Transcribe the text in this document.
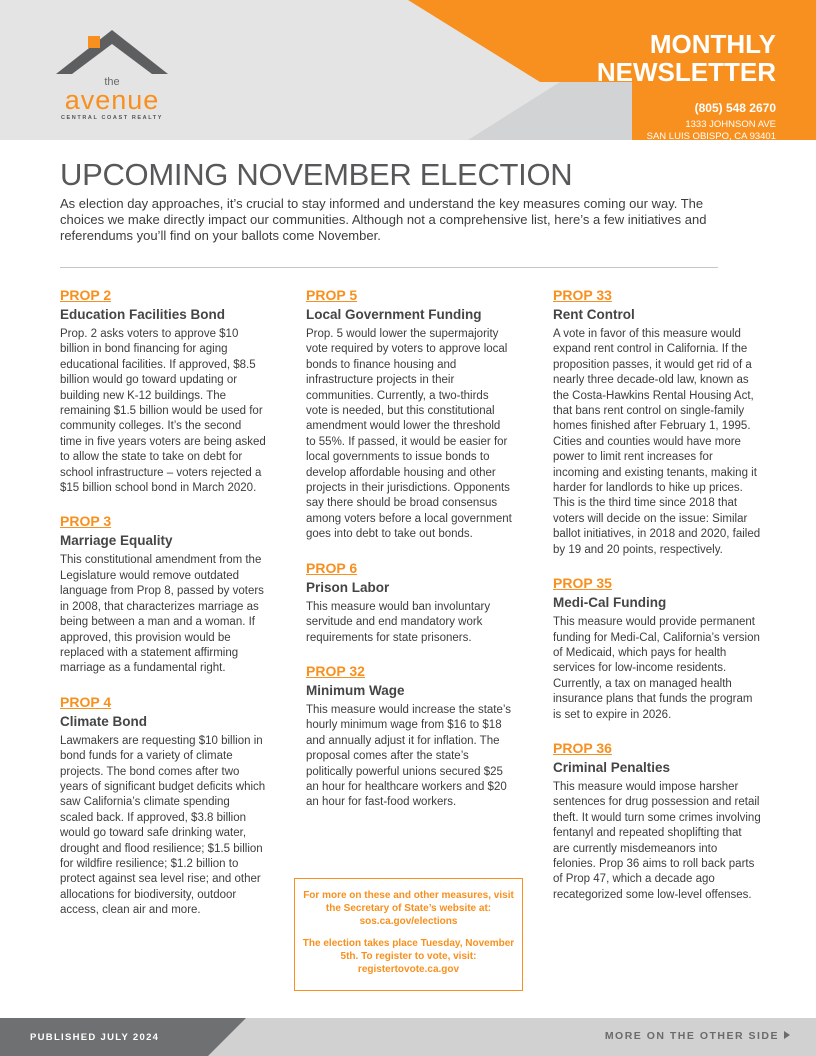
the
avenue
CENTRAL COAST REALTY
MONTHLY
NEWSLETTER
(805) 548 2670
1333 JOHNSON AVE
SAN LUIS OBISPO, CA 93401
THEAVENUESLO.COM
UPCOMING NOVEMBER ELECTION

As election day approaches, it’s crucial to stay informed and understand the key measures coming our way. The choices we make directly impact our communities. Although not a comprehensive list, here’s a few initiatives and referendums you’ll find on your ballots come November.

PROP 2
Education Facilities Bond

Prop. 2 asks voters to approve $10 billion in bond financing for aging educational facilities. If approved, $8.5 billion would go toward updating or building new K-12 buildings. The remaining $1.5 billion would be used for community colleges. It’s the second time in five years voters are being asked to allow the state to take on debt for school infrastructure – voters rejected a $15 billion school bond in March 2020.

PROP 3
Marriage Equality

This constitutional amendment from the Legislature would remove outdated language from Prop 8, passed by voters in 2008, that characterizes marriage as being between a man and a woman. If approved, this provision would be replaced with a statement affirming marriage as a fundamental right.

PROP 4
Climate Bond

Lawmakers are requesting $10 billion in bond funds for a variety of climate projects. The bond comes after two years of significant budget deficits which saw California’s climate spending scaled back. If approved, $3.8 billion would go toward safe drinking water, drought and flood resilience; $1.5 billion for wildfire resilience; $1.2 billion to protect against sea level rise; and other allocations for biodiversity, outdoor access, clean air and more.

PROP 5
Local Government Funding

Prop. 5 would lower the supermajority vote required by voters to approve local bonds to finance housing and infrastructure projects in their communities. Currently, a two-thirds vote is needed, but this constitutional amendment would lower the threshold to 55%. If passed, it would be easier for local governments to issue bonds to develop affordable housing and other projects in their jurisdictions. Opponents say there should be broad consensus among voters before a local government goes into debt to take out bonds.

PROP 6
Prison Labor

This measure would ban involuntary servitude and end mandatory work requirements for state prisoners.

PROP 32
Minimum Wage

This measure would increase the state’s hourly minimum wage from $16 to $18 and annually adjust it for inflation. The proposal comes after the state’s politically powerful unions secured $25 an hour for healthcare workers and $20 an hour for fast-food workers.

PROP 33
Rent Control

A vote in favor of this measure would expand rent control in California. If the proposition passes, it would get rid of a nearly three decade-old law, known as the Costa-Hawkins Rental Housing Act, that bans rent control on single-family homes finished after February 1, 1995. Cities and counties would have more power to limit rent increases for incoming and existing tenants, making it harder for landlords to hike up prices. This is the third time since 2018 that voters will decide on the issue: Similar ballot initiatives, in 2018 and 2020, failed by 19 and 20 points, respectively.

PROP 35
Medi-Cal Funding

This measure would provide permanent funding for Medi-Cal, California’s version of Medicaid, which pays for health services for low-income residents. Currently, a tax on managed health insurance plans that funds the program is set to expire in 2026.

PROP 36
Criminal Penalties

This measure would impose harsher sentences for drug possession and retail theft. It would turn some crimes involving fentanyl and repeated shoplifting that are currently misdemeanors into felonies. Prop 36 aims to roll back parts of Prop 47, which a decade ago recategorized some low-level offenses.

For more on these and other measures, visit the Secretary of State’s website at: sos.ca.gov/elections

The election takes place Tuesday, November 5th. To register to vote, visit: registertovote.ca.gov

PUBLISHED JULY 2024	MORE ON THE OTHER SIDE
